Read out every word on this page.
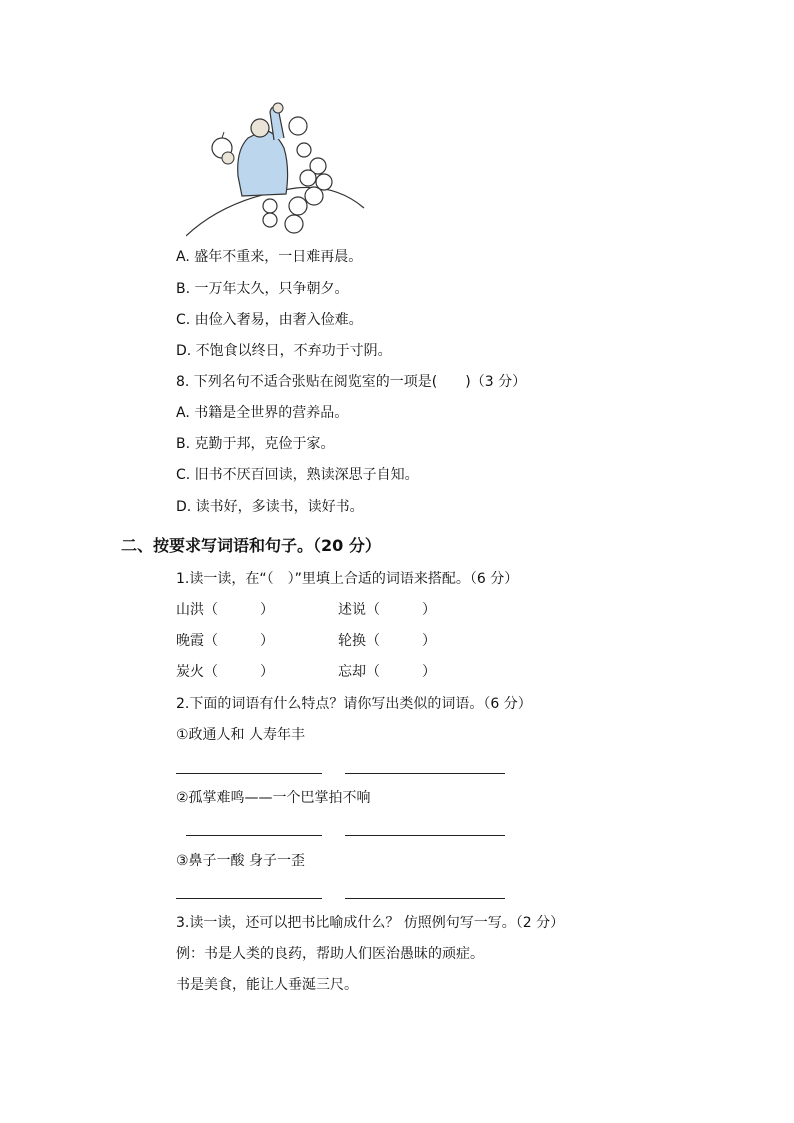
A. 盛年不重来，一日难再晨。
B. 一万年太久，只争朝夕。
C. 由俭入奢易，由奢入俭难。
D. 不饱食以终日，不弃功于寸阴。
8. 下列名句不适合张贴在阅览室的一项是(　　)（3 分）
A. 书籍是全世界的营养品。
B. 克勤于邦，克俭于家。
C. 旧书不厌百回读，熟读深思子自知。
D. 读书好，多读书，读好书。
二、按要求写词语和句子。（20 分）
1.读一读，在“（　）”里填上合适的词语来搭配。（6 分）
山洪（　　　）	述说（　　　）
晚霞（　　　）	轮换（　　　）
炭火（　　　）	忘却（　　　）
2.下面的词语有什么特点？请你写出类似的词语。（6 分）
①政通人和 人寿年丰
②孤掌难鸣——一个巴掌拍不响
③鼻子一酸 身子一歪
3.读一读，还可以把书比喻成什么？ 仿照例句写一写。（2 分）
例：书是人类的良药，帮助人们医治愚昧的顽症。
书是美食，能让人垂涎三尺。
